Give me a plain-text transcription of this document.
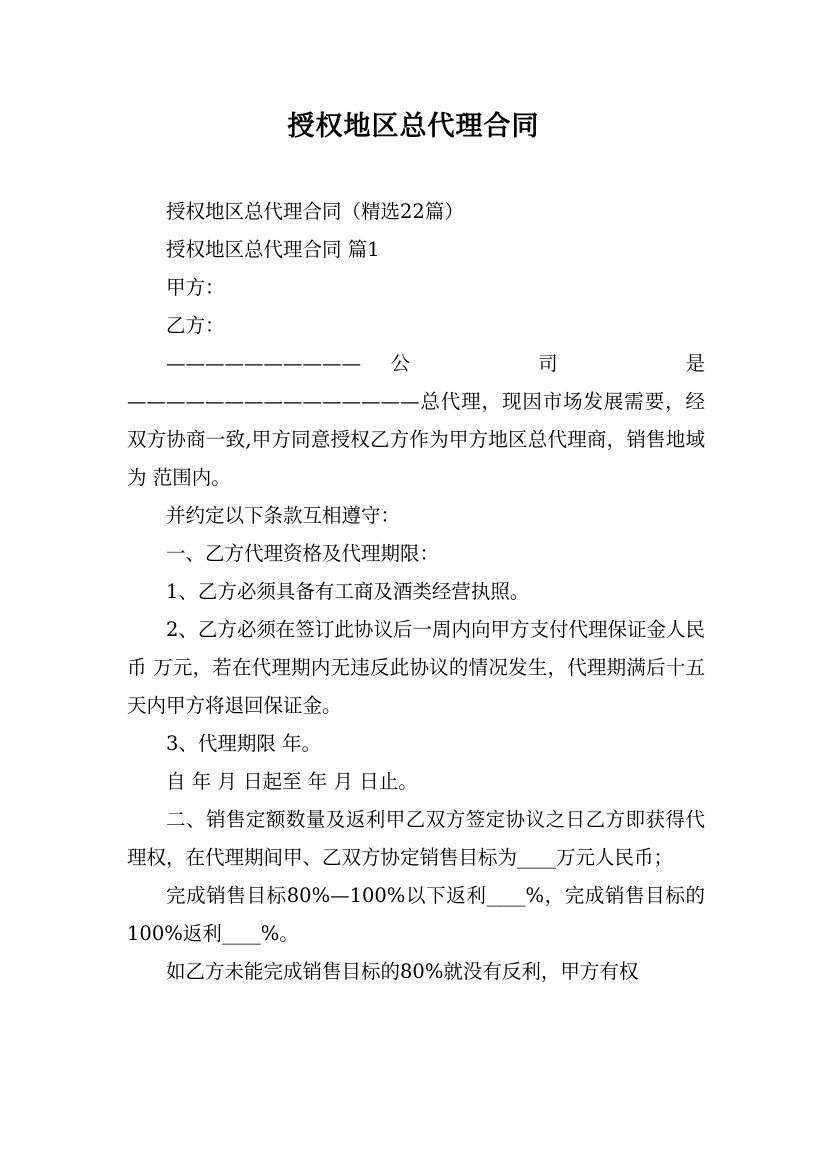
授权地区总代理合同

授权地区总代理合同（精选22篇）

授权地区总代理合同 篇1

甲方：

乙方：

——————————公　　司　　是

———————————————总代理，现因市场发展需要，经双方协商一致,甲方同意授权乙方作为甲方地区总代理商，销售地域为 范围内。

并约定以下条款互相遵守：

一、乙方代理资格及代理期限：

1、乙方必须具备有工商及酒类经营执照。

2、乙方必须在签订此协议后一周内向甲方支付代理保证金人民币 万元，若在代理期内无违反此协议的情况发生，代理期满后十五天内甲方将退回保证金。

3、代理期限 年。

自 年 月 日起至 年 月 日止。

二、销售定额数量及返利甲乙双方签定协议之日乙方即获得代理权，在代理期间甲、乙双方协定销售目标为____万元人民币；

完成销售目标80%—100%以下返利____%，完成销售目标的100%返利____%。

如乙方未能完成销售目标的80%就没有反利，甲方有权
